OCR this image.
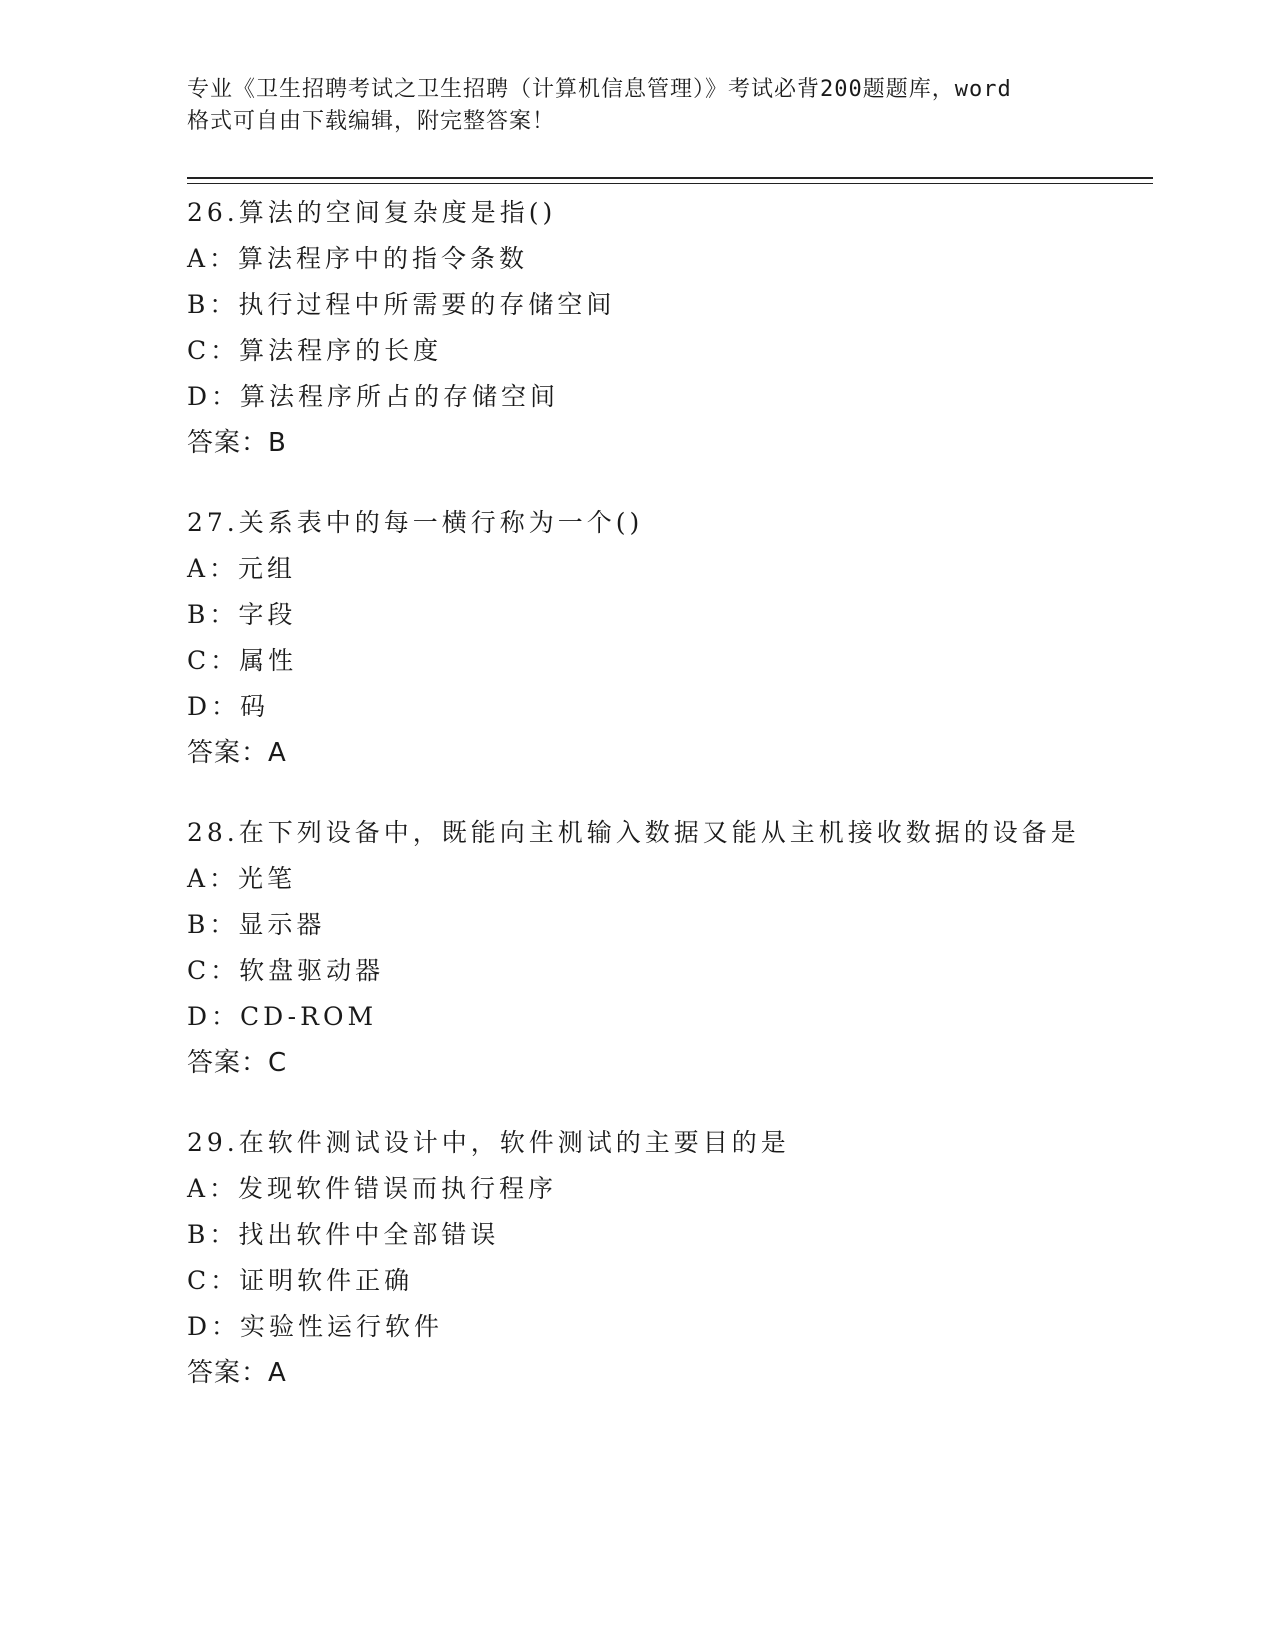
专业《卫生招聘考试之卫生招聘（计算机信息管理）》考试必背200题题库，word
格式可自由下载编辑，附完整答案！
26.算法的空间复杂度是指()
A：算法程序中的指令条数
B：执行过程中所需要的存储空间
C：算法程序的长度
D：算法程序所占的存储空间
答案：B
27.关系表中的每一横行称为一个()
A：元组
B：字段
C：属性
D：码
答案：A
28.在下列设备中，既能向主机输入数据又能从主机接收数据的设备是
A：光笔
B：显示器
C：软盘驱动器
D：CD-ROM
答案：C
29.在软件测试设计中，软件测试的主要目的是
A：发现软件错误而执行程序
B：找出软件中全部错误
C：证明软件正确
D：实验性运行软件
答案：A
